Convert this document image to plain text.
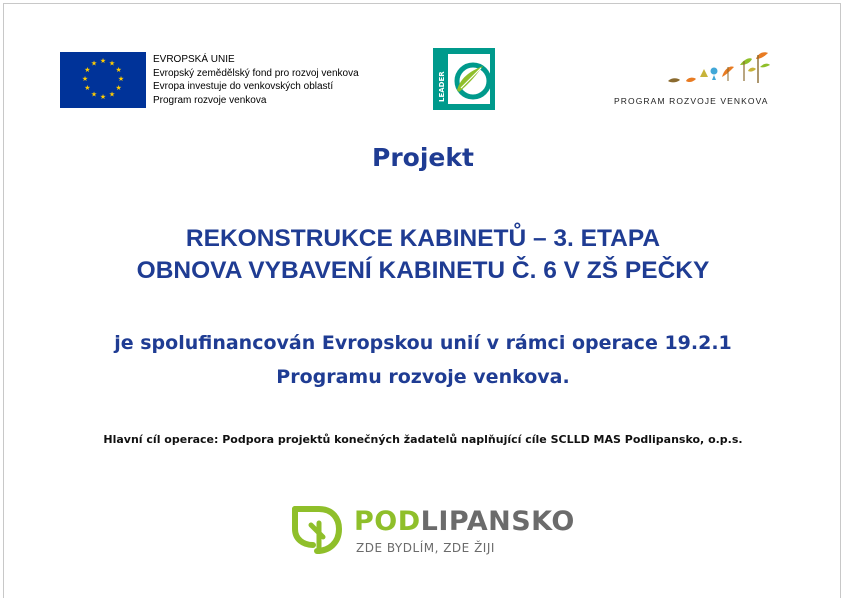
★ ★
★
★
★
★
★
★
★
★
★
★	EVROPSKÁ UNIE
Evropský zemědělský fond pro rozvoj venkova
Evropa investuje do venkovských oblastí
Program rozvoje venkova	LEADER	PROGRAM ROZVOJE VENKOVA
Projekt
REKONSTRUKCE KABINETŮ – 3. ETAPA
OBNOVA VYBAVENÍ KABINETU Č. 6 V ZŠ PEČKY
je spolufinancován Evropskou unií v rámci operace 19.2.1
Programu rozvoje venkova.
Hlavní cíl operace: Podpora projektů konečných žadatelů naplňující cíle SCLLD MAS Podlipansko, o.p.s.
PODLIPANSKO
ZDE BYDLÍM, ZDE ŽIJI
